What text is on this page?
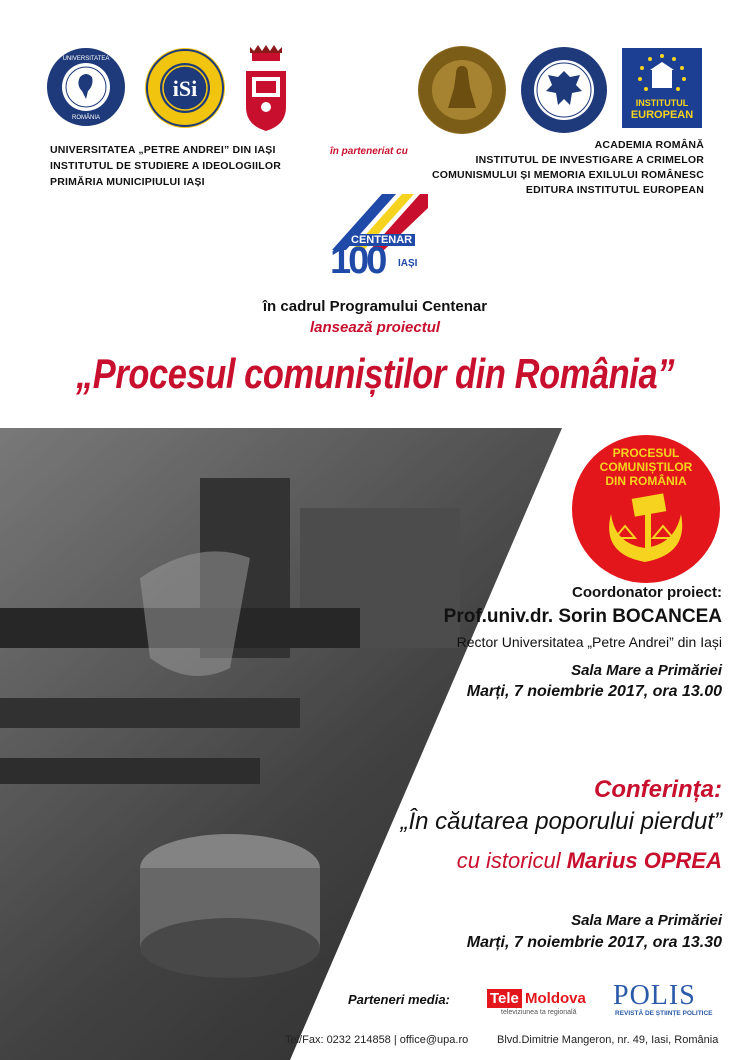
UNIVERSITATEA
ROMÂNIA
iSi
INSTITUTUL
EUROPEAN
UNIVERSITATEA „PETRE ANDREI” DIN IAȘI
INSTITUTUL DE STUDIERE A IDEOLOGIILOR
PRIMĂRIA MUNICIPIULUI IAȘI
în parteneriat cu
ACADEMIA ROMÂNĂ
INSTITUTUL DE INVESTIGARE A CRIMELOR
COMUNISMULUI ȘI MEMORIA EXILULUI ROMÂNESC
EDITURA INSTITUTUL EUROPEAN
CENTENAR
100 IAȘI
în cadrul Programului Centenar
lansează proiectul
„Procesul comuniștilor din România”
PROCESUL
COMUNIȘTILOR
DIN ROMÂNIA
Coordonator proiect:
Prof.univ.dr. Sorin BOCANCEA
Rector Universitatea „Petre Andrei” din Iași
Sala Mare a Primăriei
Marți, 7 noiembrie 2017, ora 13.00
Conferința:
„În căutarea poporului pierdut”
cu istoricul Marius OPREA
Sala Mare a Primăriei
Marți, 7 noiembrie 2017, ora 13.30
Parteneri media:	Tele Moldova
televiziunea ta regională
POLIS
REVISTĂ DE ȘTIINȚE POLITICE
Tel/Fax: 0232 214858 | office@upa.ro	Blvd.Dimitrie Mangeron, nr. 49, Iasi, România
